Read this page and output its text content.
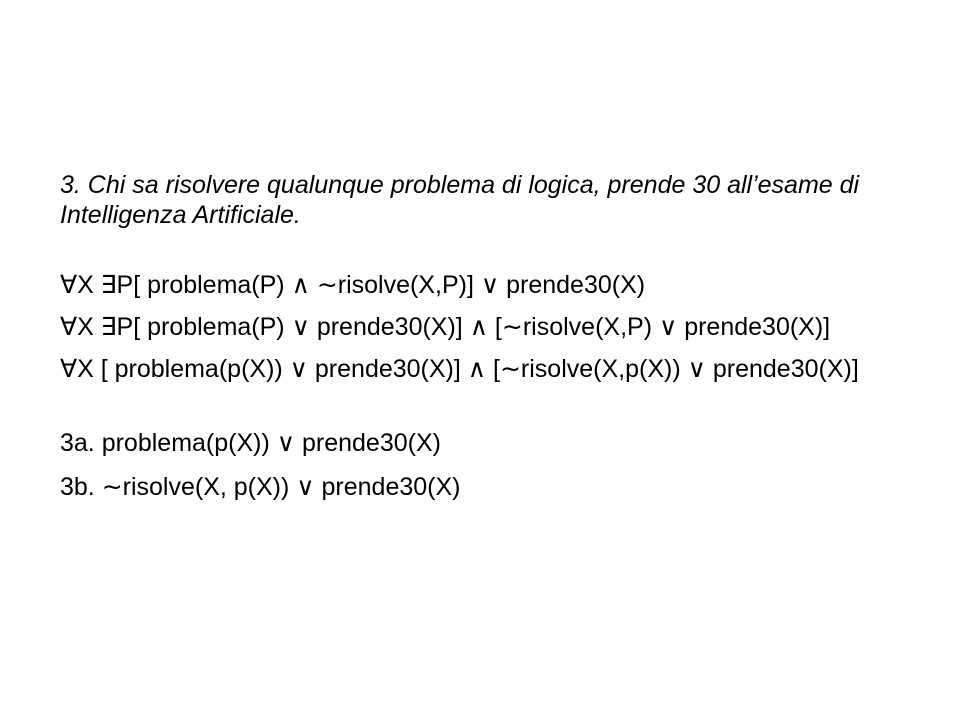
3. Chi sa risolvere qualunque problema di logica, prende 30 all’esame di Intelligenza Artificiale.

∀X ∃P[ problema(P) ∧ ∼risolve(X,P)] ∨ prende30(X)

∀X ∃P[ problema(P) ∨ prende30(X)] ∧ [∼risolve(X,P) ∨ prende30(X)]

∀X [ problema(p(X)) ∨ prende30(X)] ∧ [∼risolve(X,p(X)) ∨ prende30(X)]

3a. problema(p(X)) ∨ prende30(X)

3b. ∼risolve(X, p(X)) ∨ prende30(X)
